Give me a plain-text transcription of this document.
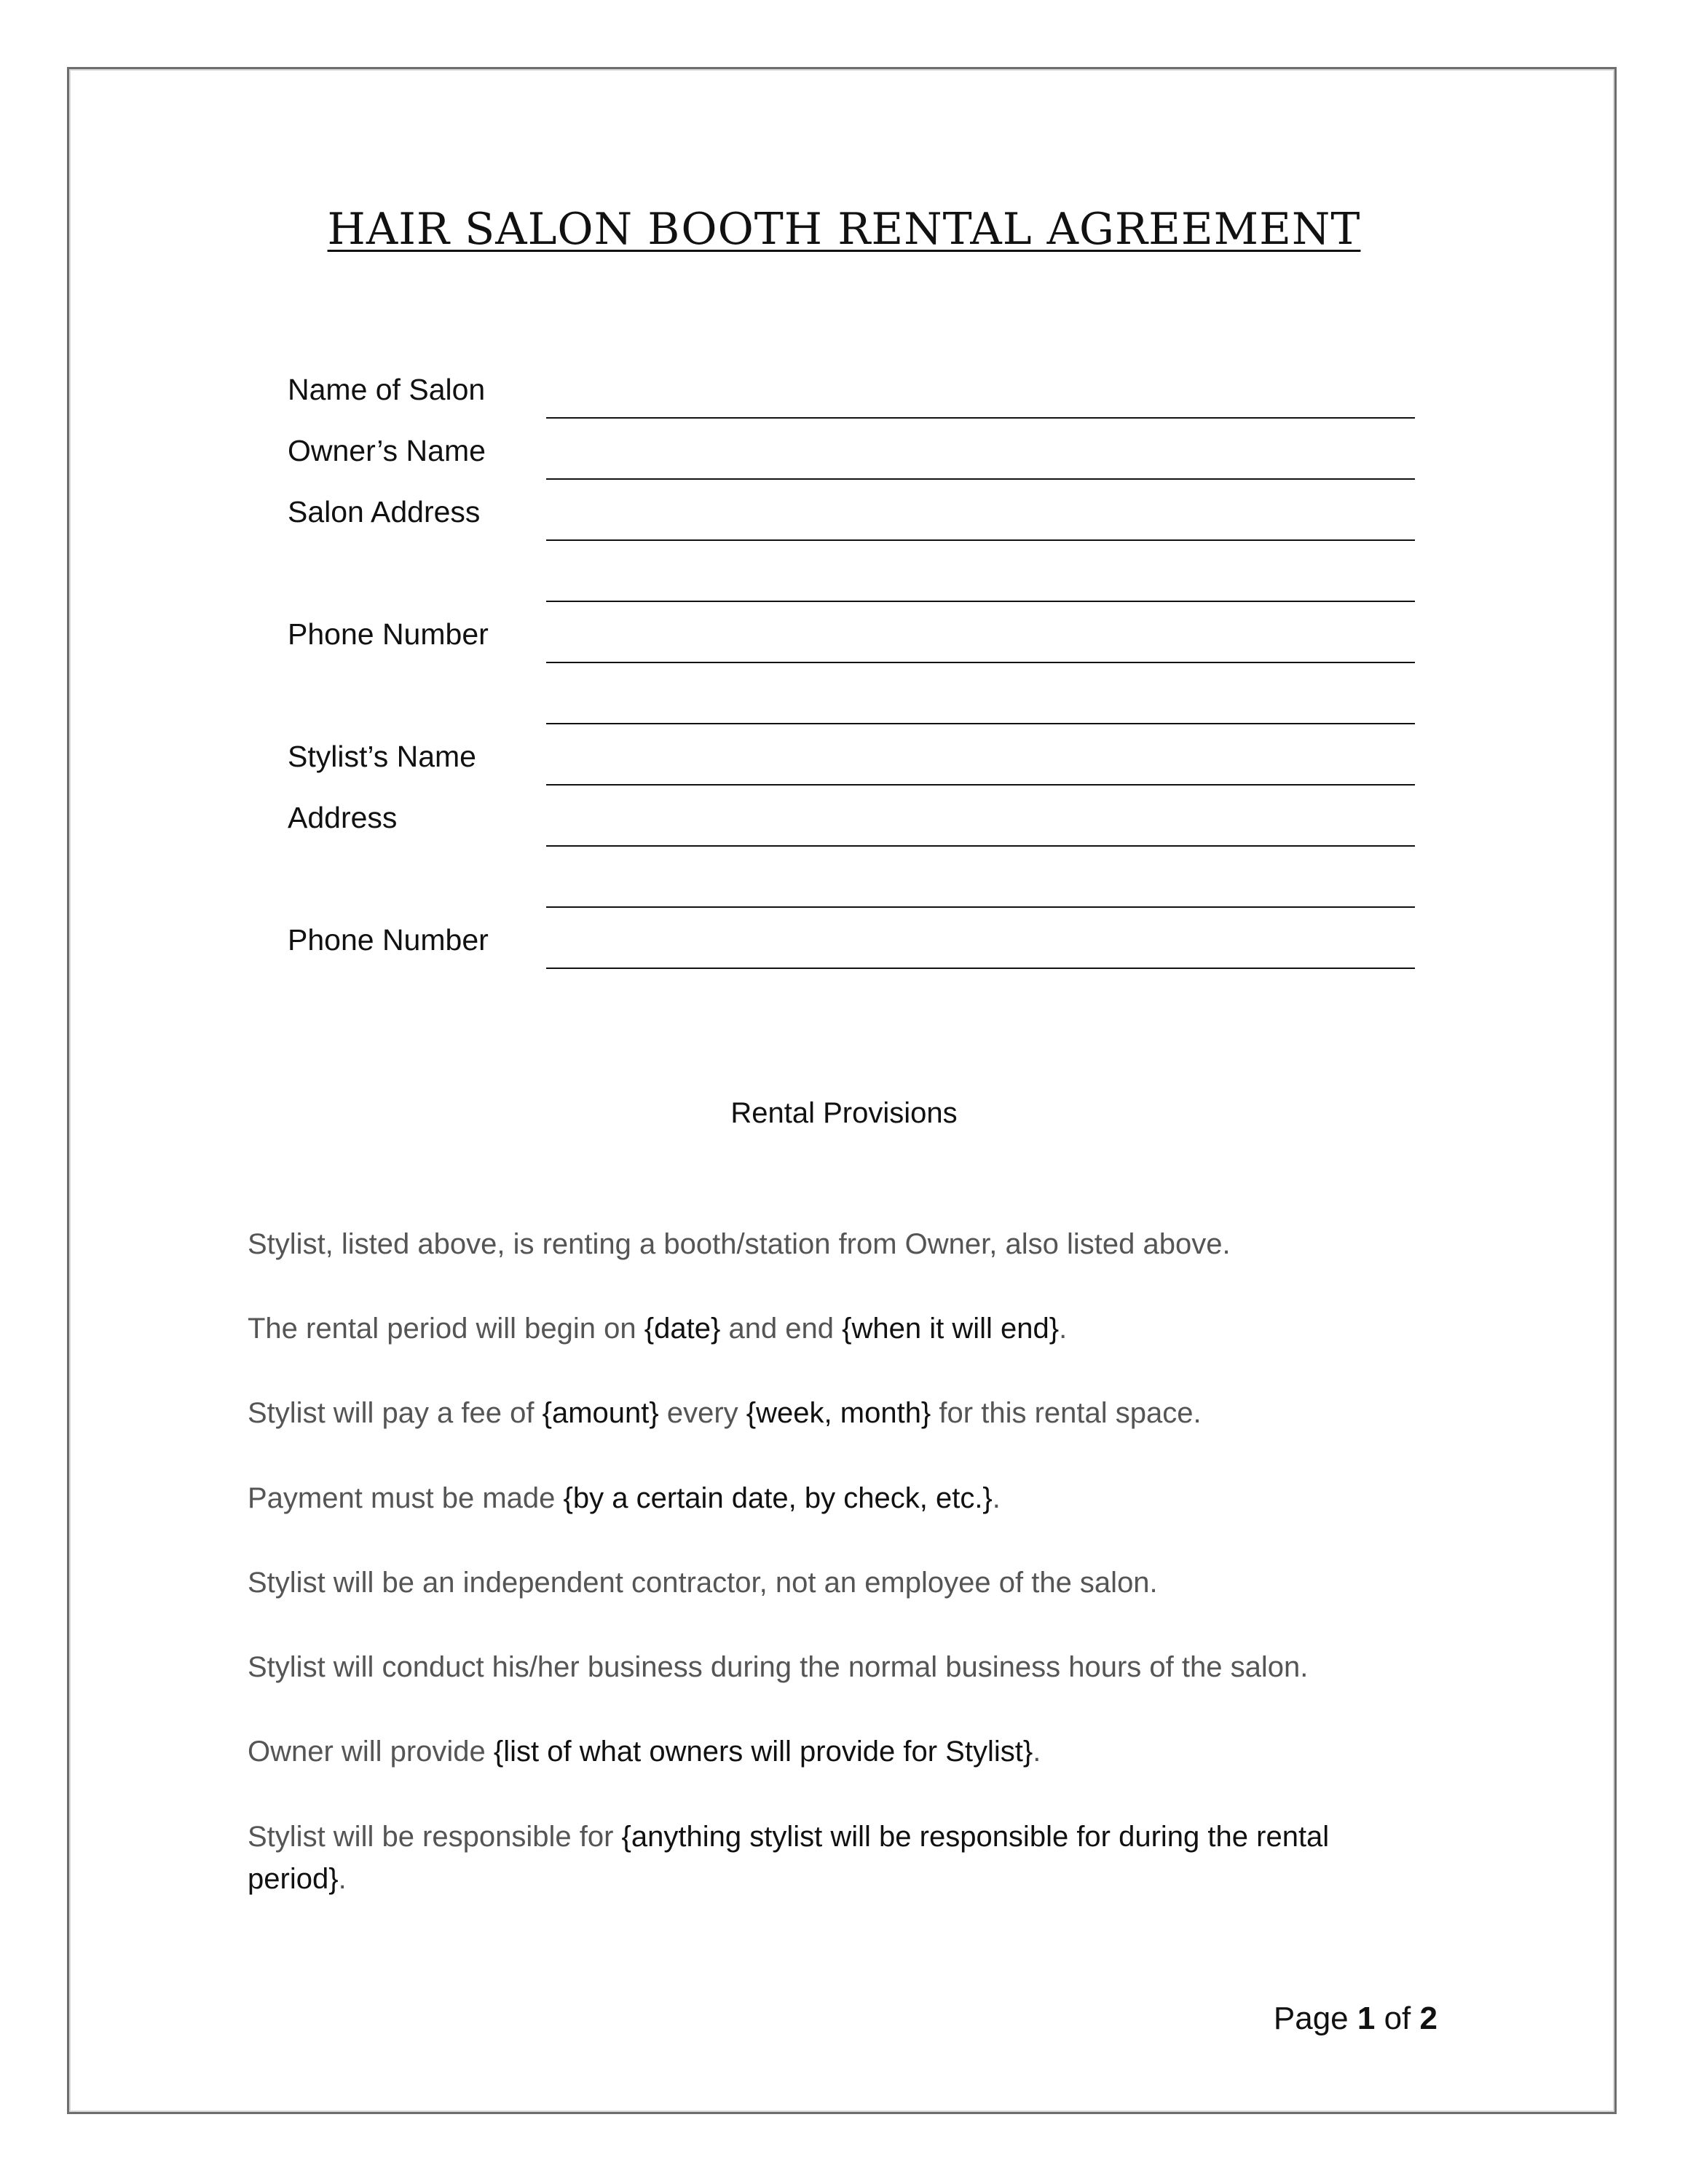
HAIR SALON BOOTH RENTAL AGREEMENT
Name of Salon
Owner’s Name
Salon Address
Phone Number
Stylist’s Name
Address
Phone Number
Rental Provisions
Stylist, listed above, is renting a booth/station from Owner, also listed above.
The rental period will begin on {date} and end {when it will end}.
Stylist will pay a fee of {amount} every {week, month} for this rental space.
Payment must be made {by a certain date, by check, etc.}.
Stylist will be an independent contractor, not an employee of the salon.
Stylist will conduct his/her business during the normal business hours of the salon.
Owner will provide {list of what owners will provide for Stylist}.
Stylist will be responsible for {anything stylist will be responsible for during the rental period}.
Page 1 of 2
